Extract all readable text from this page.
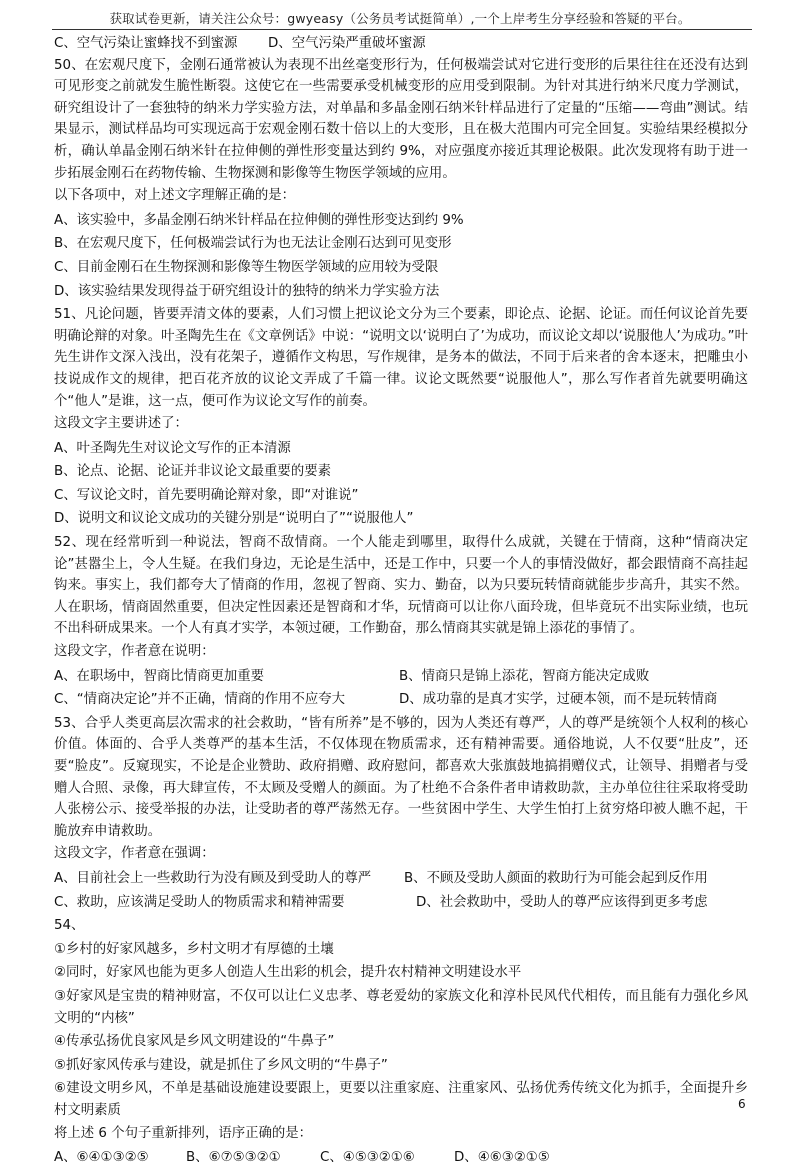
获取试卷更新，请关注公众号：gwyeasy（公务员考试挺简单）,一个上岸考生分享经验和答疑的平台。
C、空气污染让蜜蜂找不到蜜源	D、空气污染严重破坏蜜源

50、在宏观尺度下，金刚石通常被认为表现不出丝毫变形行为，任何极端尝试对它进行变形的后果往往在还没有达到可见形变之前就发生脆性断裂。这使它在一些需要承受机械变形的应用受到限制。为针对其进行纳米尺度力学测试，研究组设计了一套独特的纳米力学实验方法，对单晶和多晶金刚石纳米针样品进行了定量的“压缩——弯曲”测试。结果显示，测试样品均可实现远高于宏观金刚石数十倍以上的大变形，且在极大范围内可完全回复。实验结果经模拟分析，确认单晶金刚石纳米针在拉伸侧的弹性形变量达到约 9%，对应强度亦接近其理论极限。此次发现将有助于进一步拓展金刚石在药物传输、生物探测和影像等生物医学领域的应用。

以下各项中，对上述文字理解正确的是：

A、该实验中，多晶金刚石纳米针样品在拉伸侧的弹性形变达到约 9%

B、在宏观尺度下，任何极端尝试行为也无法让金刚石达到可见变形

C、目前金刚石在生物探测和影像等生物医学领域的应用较为受限

D、该实验结果发现得益于研究组设计的独特的纳米力学实验方法

51、凡论问题，皆要弄清文体的要素，人们习惯上把议论文分为三个要素，即论点、论据、论证。而任何议论首先要明确论辩的对象。叶圣陶先生在《文章例话》中说：“说明文以‘说明白了’为成功，而议论文却以‘说服他人’为成功。”叶先生讲作文深入浅出，没有花架子，遵循作文构思，写作规律，是务本的做法，不同于后来者的舍本逐末，把雕虫小技说成作文的规律，把百花齐放的议论文弄成了千篇一律。议论文既然要“说服他人”，那么写作者首先就要明确这个“他人”是谁，这一点，便可作为议论文写作的前奏。

这段文字主要讲述了：

A、叶圣陶先生对议论文写作的正本清源

B、论点、论据、论证并非议论文最重要的要素

C、写议论文时，首先要明确论辩对象，即“对谁说”

D、说明文和议论文成功的关键分别是“说明白了”“说服他人”

52、现在经常听到一种说法，智商不敌情商。一个人能走到哪里，取得什么成就，关键在于情商，这种“情商决定论”甚嚣尘上，令人生疑。在我们身边，无论是生活中，还是工作中，只要一个人的事情没做好，都会跟情商不高挂起钩来。事实上，我们都夸大了情商的作用，忽视了智商、实力、勤奋，以为只要玩转情商就能步步高升，其实不然。人在职场，情商固然重要，但决定性因素还是智商和才华，玩情商可以让你八面玲珑，但毕竟玩不出实际业绩，也玩不出科研成果来。一个人有真才实学，本领过硬，工作勤奋，那么情商其实就是锦上添花的事情了。

这段文字，作者意在说明：

A、在职场中，智商比情商更加重要	B、情商只是锦上添花，智商方能决定成败
C、“情商决定论”并不正确，情商的作用不应夸大	D、成功靠的是真才实学，过硬本领，而不是玩转情商

53、合乎人类更高层次需求的社会救助，“皆有所养”是不够的，因为人类还有尊严，人的尊严是统领个人权利的核心价值。体面的、合乎人类尊严的基本生活，不仅体现在物质需求，还有精神需要。通俗地说，人不仅要“肚皮”，还要“脸皮”。反窥现实，不论是企业赞助、政府捐赠、政府慰问，都喜欢大张旗鼓地搞捐赠仪式，让领导、捐赠者与受赠人合照、录像，再大肆宣传，不太顾及受赠人的颜面。为了杜绝不合条件者申请救助款，主办单位往往采取将受助人张榜公示、接受举报的办法，让受助者的尊严荡然无存。一些贫困中学生、大学生怕打上贫穷烙印被人瞧不起，干脆放弃申请救助。

这段文字，作者意在强调：

A、目前社会上一些救助行为没有顾及到受助人的尊严	B、不顾及受助人颜面的救助行为可能会起到反作用
C、救助，应该满足受助人的物质需求和精神需要	D、社会救助中，受助人的尊严应该得到更多考虑

54、

①乡村的好家风越多，乡村文明才有厚德的土壤

②同时，好家风也能为更多人创造人生出彩的机会，提升农村精神文明建设水平

③好家风是宝贵的精神财富，不仅可以让仁义忠孝、尊老爱幼的家族文化和淳朴民风代代相传，而且能有力强化乡风文明的“内核”

④传承弘扬优良家风是乡风文明建设的“牛鼻子”

⑤抓好家风传承与建设，就是抓住了乡风文明的“牛鼻子”

⑥建设文明乡风，不单是基础设施建设要跟上，更要以注重家庭、注重家风、弘扬优秀传统文化为抓手，全面提升乡村文明素质

将上述 6 个句子重新排列，语序正确的是：

A、⑥④①③②⑤	B、⑥⑦⑤③②①	C、④⑤③②①⑥	D、④⑥③②①⑤
6
